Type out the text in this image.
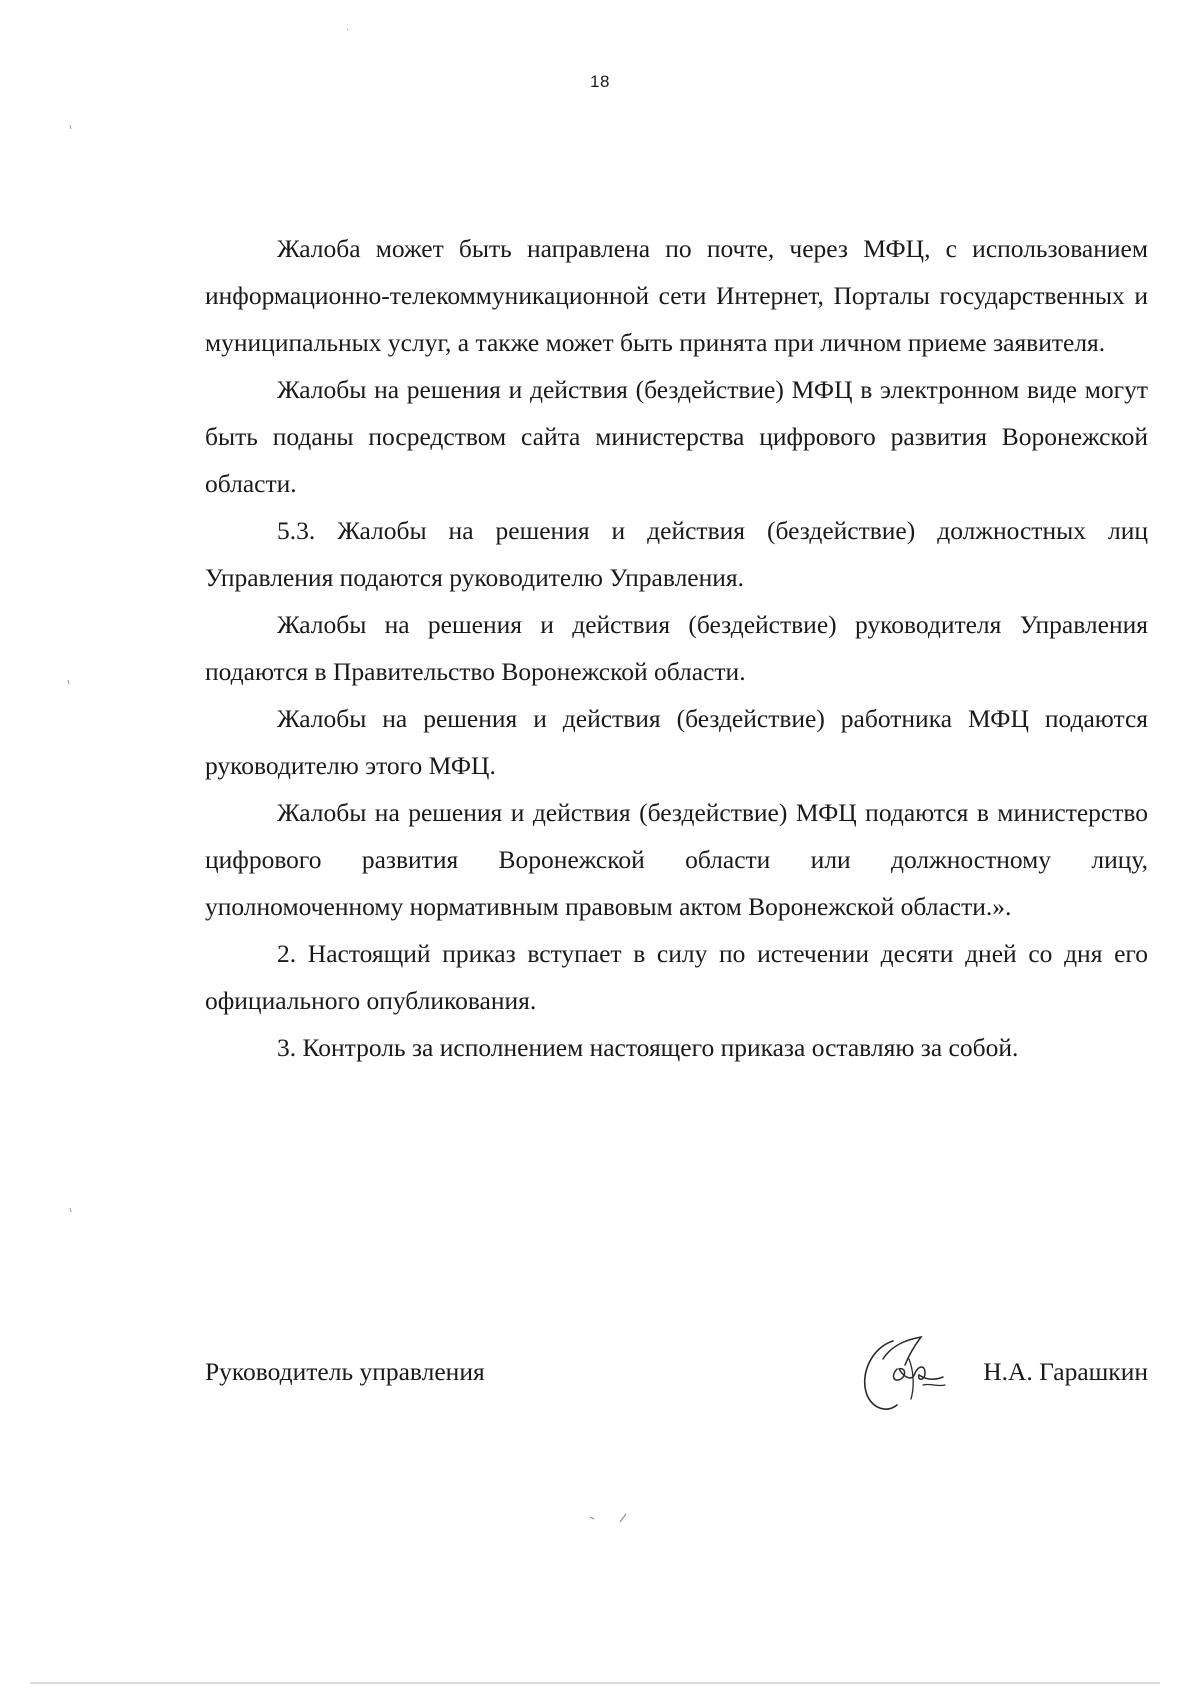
18

Жалоба может быть направлена по почте, через МФЦ, с использованием информационно-телекоммуникационной сети Интернет, Порталы государственных и муниципальных услуг, а также может быть принята при личном приеме заявителя.

Жалобы на решения и действия (бездействие) МФЦ в электронном виде могут быть поданы посредством сайта министерства цифрового развития Воронежской области.

5.3. Жалобы на решения и действия (бездействие) должностных лиц Управления подаются руководителю Управления.

Жалобы на решения и действия (бездействие) руководителя Управления подаются в Правительство Воронежской области.

Жалобы на решения и действия (бездействие) работника МФЦ подаются руководителю этого МФЦ.

Жалобы на решения и действия (бездействие) МФЦ подаются в министерство цифрового развития Воронежской области или должностному лицу, уполномоченному нормативным правовым актом Воронежской области.».

2. Настоящий приказ вступает в силу по истечении десяти дней со дня его официального опубликования.

3. Контроль за исполнением настоящего приказа оставляю за собой.

Руководитель управления	Н.А. Гарашкин
